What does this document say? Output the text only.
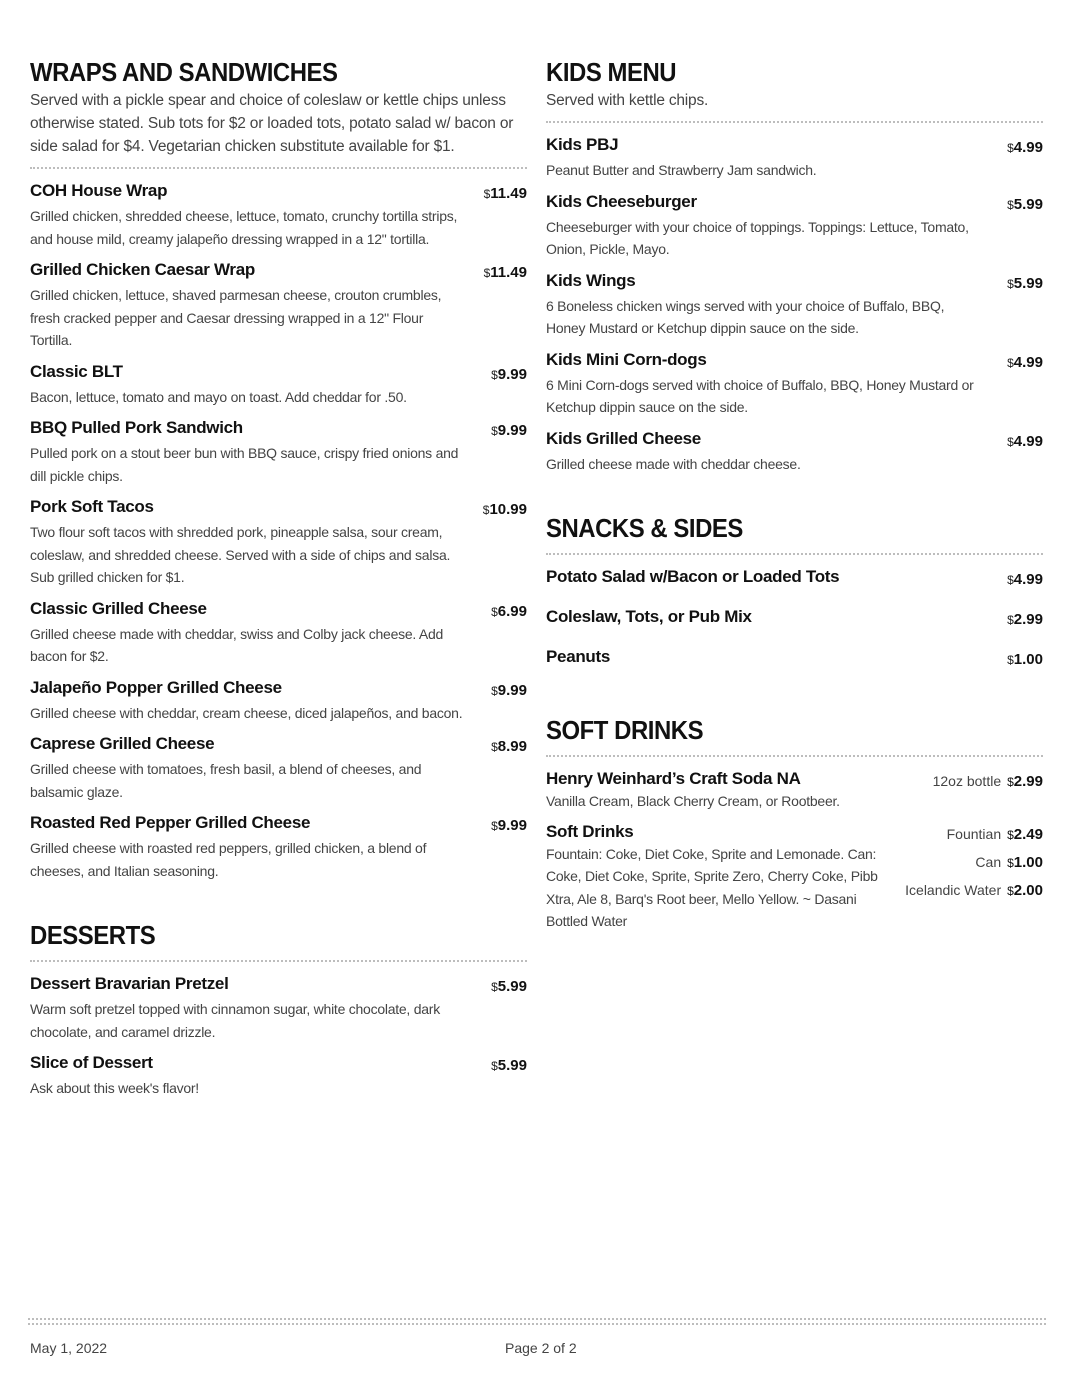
WRAPS AND SANDWICHES

Served with a pickle spear and choice of coleslaw or kettle chips unless otherwise stated. Sub tots for $2 or loaded tots, potato salad w/ bacon or side salad for $4. Vegetarian chicken substitute available for $1.

COH House Wrap	$11.49
Grilled chicken, shredded cheese, lettuce, tomato, crunchy tortilla strips, and house mild, creamy jalapeño dressing wrapped in a 12" tortilla.
Grilled Chicken Caesar Wrap	$11.49
Grilled chicken, lettuce, shaved parmesan cheese, crouton crumbles, fresh cracked pepper and Caesar dressing wrapped in a 12" Flour Tortilla.
Classic BLT	$9.99
Bacon, lettuce, tomato and mayo on toast. Add cheddar for .50.
BBQ Pulled Pork Sandwich	$9.99
Pulled pork on a stout beer bun with BBQ sauce, crispy fried onions and dill pickle chips.
Pork Soft Tacos	$10.99
Two flour soft tacos with shredded pork, pineapple salsa, sour cream, coleslaw, and shredded cheese. Served with a side of chips and salsa. Sub grilled chicken for $1.
Classic Grilled Cheese	$6.99
Grilled cheese made with cheddar, swiss and Colby jack cheese. Add bacon for $2.
Jalapeño Popper Grilled Cheese	$9.99
Grilled cheese with cheddar, cream cheese, diced jalapeños, and bacon.
Caprese Grilled Cheese	$8.99
Grilled cheese with tomatoes, fresh basil, a blend of cheeses, and balsamic glaze.
Roasted Red Pepper Grilled Cheese	$9.99
Grilled cheese with roasted red peppers, grilled chicken, a blend of cheeses, and Italian seasoning.
DESSERTS
Dessert Bravarian Pretzel	$5.99
Warm soft pretzel topped with cinnamon sugar, white chocolate, dark chocolate, and caramel drizzle.
Slice of Dessert	$5.99
Ask about this week's flavor!
KIDS MENU

Served with kettle chips.

Kids PBJ	$4.99
Peanut Butter and Strawberry Jam sandwich.
Kids Cheeseburger	$5.99
Cheeseburger with your choice of toppings. Toppings: Lettuce, Tomato, Onion, Pickle, Mayo.
Kids Wings	$5.99
6 Boneless chicken wings served with your choice of Buffalo, BBQ, Honey Mustard or Ketchup dippin sauce on the side.
Kids Mini Corn-dogs	$4.99
6 Mini Corn-dogs served with choice of Buffalo, BBQ, Honey Mustard or Ketchup dippin sauce on the side.
Kids Grilled Cheese	$4.99
Grilled cheese made with cheddar cheese.
SNACKS & SIDES
Potato Salad w/Bacon or Loaded Tots	$4.99
Coleslaw, Tots, or Pub Mix	$2.99
Peanuts	$1.00
SOFT DRINKS
Henry Weinhard’s Craft Soda NA
Vanilla Cream, Black Cherry Cream, or Rootbeer.
12oz bottle $2.99
Soft Drinks
Fountain: Coke, Diet Coke, Sprite and Lemonade. Can: Coke, Diet Coke, Sprite, Sprite Zero, Cherry Coke, Pibb Xtra, Ale 8, Barq's Root beer, Mello Yellow. ~ Dasani Bottled Water
Fountian $2.49
Can $1.00
Icelandic Water $2.00
May 1, 2022	Page 2 of 2
